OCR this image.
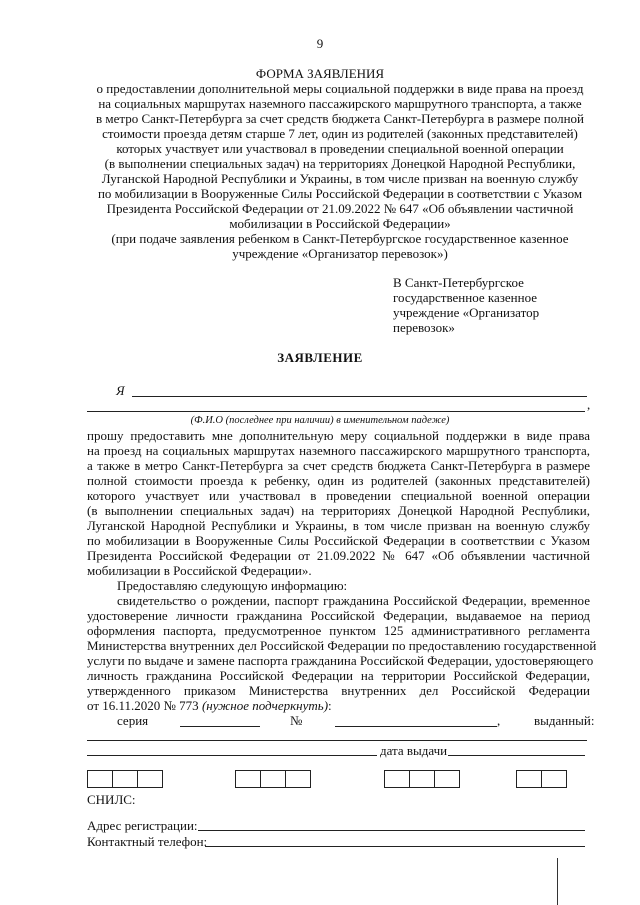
9
ФОРМА ЗАЯВЛЕНИЯ
о предоставлении дополнительной меры социальной поддержки в виде права на проезд
на социальных маршрутах наземного пассажирского маршрутного транспорта, а также
в метро Санкт-Петербурга за счет средств бюджета Санкт-Петербурга в размере полной
стоимости проезда детям старше 7 лет, один из родителей (законных представителей)
которых участвует или участвовал в проведении специальной военной операции
(в выполнении специальных задач) на территориях Донецкой Народной Республики,
Луганской Народной Республики и Украины, в том числе призван на военную службу
по мобилизации в Вооруженные Силы Российской Федерации в соответствии с Указом
Президента Российской Федерации от 21.09.2022 № 647 «Об объявлении частичной
мобилизации в Российской Федерации»
(при подаче заявления ребенком в Санкт-Петербургское государственное казенное
учреждение «Организатор перевозок»)
В Санкт-Петербургское
государственное казенное
учреждение «Организатор
перевозок»
ЗАЯВЛЕНИЕ
Я
,
(Ф.И.О (последнее при наличии) в именительном падеже)
прошу предоставить мне дополнительную меру социальной поддержки в виде права
на проезд на социальных маршрутах наземного пассажирского маршрутного транспорта,
а также в метро Санкт-Петербурга за счет средств бюджета Санкт-Петербурга в размере
полной стоимости проезда к ребенку, один из родителей (законных представителей)
которого участвует или участвовал в проведении специальной военной операции
(в выполнении специальных задач) на территориях Донецкой Народной Республики,
Луганской Народной Республики и Украины, в том числе призван на военную службу
по мобилизации в Вооруженные Силы Российской Федерации в соответствии с Указом
Президента Российской Федерации от 21.09.2022 № 647 «Об объявлении частичной
мобилизации в Российской Федерации».
Предоставляю следующую информацию:
свидетельство о рождении, паспорт гражданина Российской Федерации, временное
удостоверение личности гражданина Российской Федерации, выдаваемое на период
оформления паспорта, предусмотренное пунктом 125 административного регламента
Министерства внутренних дел Российской Федерации по предоставлению государственной
услуги по выдаче и замене паспорта гражданина Российской Федерации, удостоверяющего
личность гражданина Российской Федерации на территории Российской Федерации,
утвержденного приказом Министерства внутренних дел Российской Федерации
от 16.11.2020 № 773 (нужное подчеркнуть):
серия	№	,	выданный:
дата выдачи
СНИЛС:
Адрес регистрации:
Контактный телефон:
